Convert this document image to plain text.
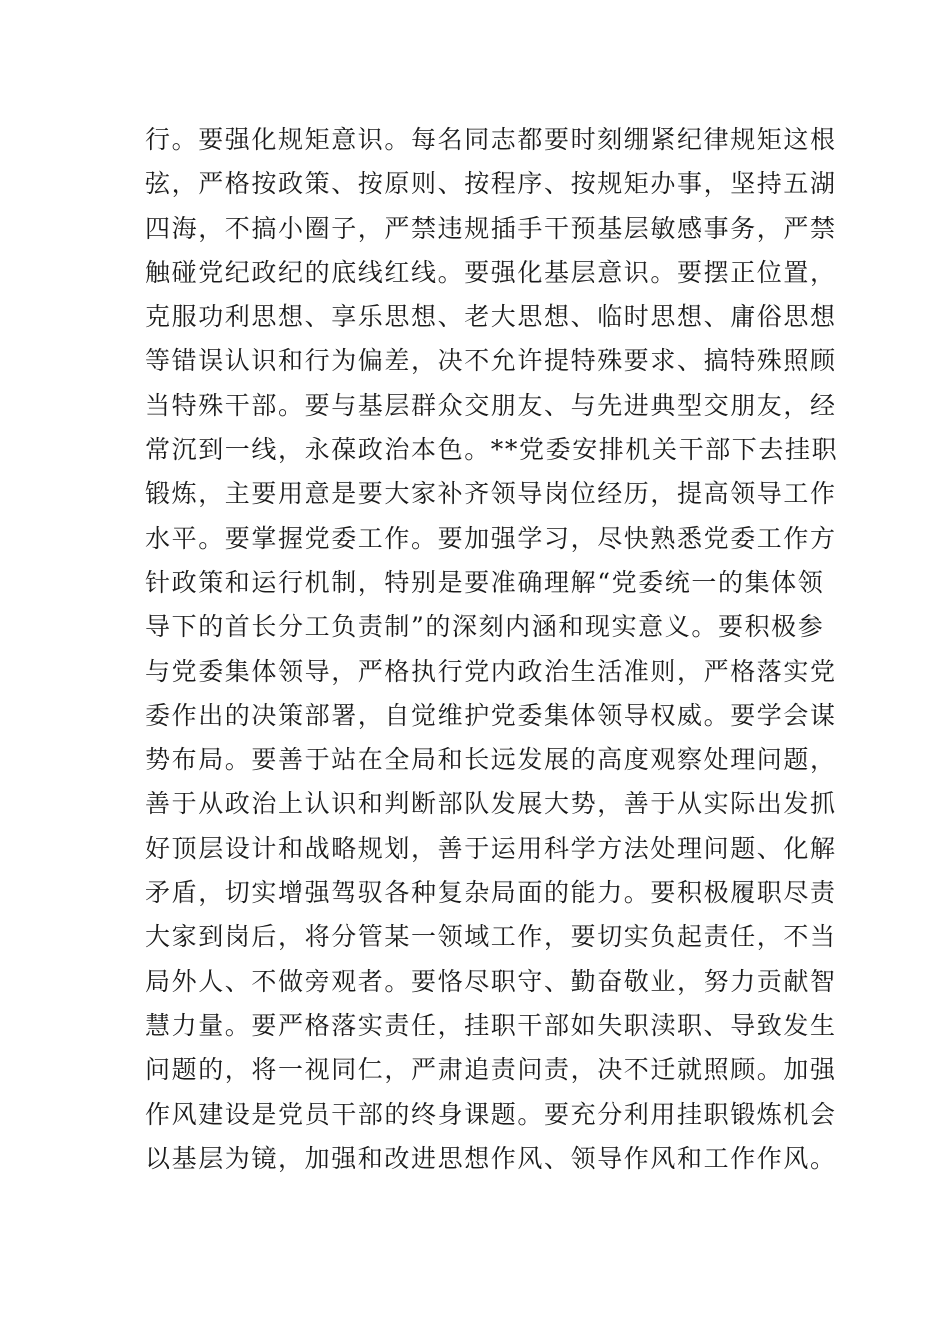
行。要强化规矩意识。每名同志都要时刻绷紧纪律规矩这根
弦，严格按政策、按原则、按程序、按规矩办事，坚持五湖
四海，不搞小圈子，严禁违规插手干预基层敏感事务，严禁
触碰党纪政纪的底线红线。要强化基层意识。要摆正位置，
克服功利思想、享乐思想、老大思想、临时思想、庸俗思想
等错误认识和行为偏差，决不允许提特殊要求、搞特殊照顾
当特殊干部。要与基层群众交朋友、与先进典型交朋友，经
常沉到一线，永葆政治本色。**党委安排机关干部下去挂职
锻炼，主要用意是要大家补齐领导岗位经历，提高领导工作
水平。要掌握党委工作。要加强学习，尽快熟悉党委工作方
针政策和运行机制，特别是要准确理解“党委统一的集体领
导下的首长分工负责制”的深刻内涵和现实意义。要积极参
与党委集体领导，严格执行党内政治生活准则，严格落实党
委作出的决策部署，自觉维护党委集体领导权威。要学会谋
势布局。要善于站在全局和长远发展的高度观察处理问题，
善于从政治上认识和判断部队发展大势，善于从实际出发抓
好顶层设计和战略规划，善于运用科学方法处理问题、化解
矛盾，切实增强驾驭各种复杂局面的能力。要积极履职尽责
大家到岗后，将分管某一领域工作，要切实负起责任，不当
局外人、不做旁观者。要恪尽职守、勤奋敬业，努力贡献智
慧力量。要严格落实责任，挂职干部如失职渎职、导致发生
问题的，将一视同仁，严肃追责问责，决不迁就照顾。加强
作风建设是党员干部的终身课题。要充分利用挂职锻炼机会
以基层为镜，加强和改进思想作风、领导作风和工作作风。
